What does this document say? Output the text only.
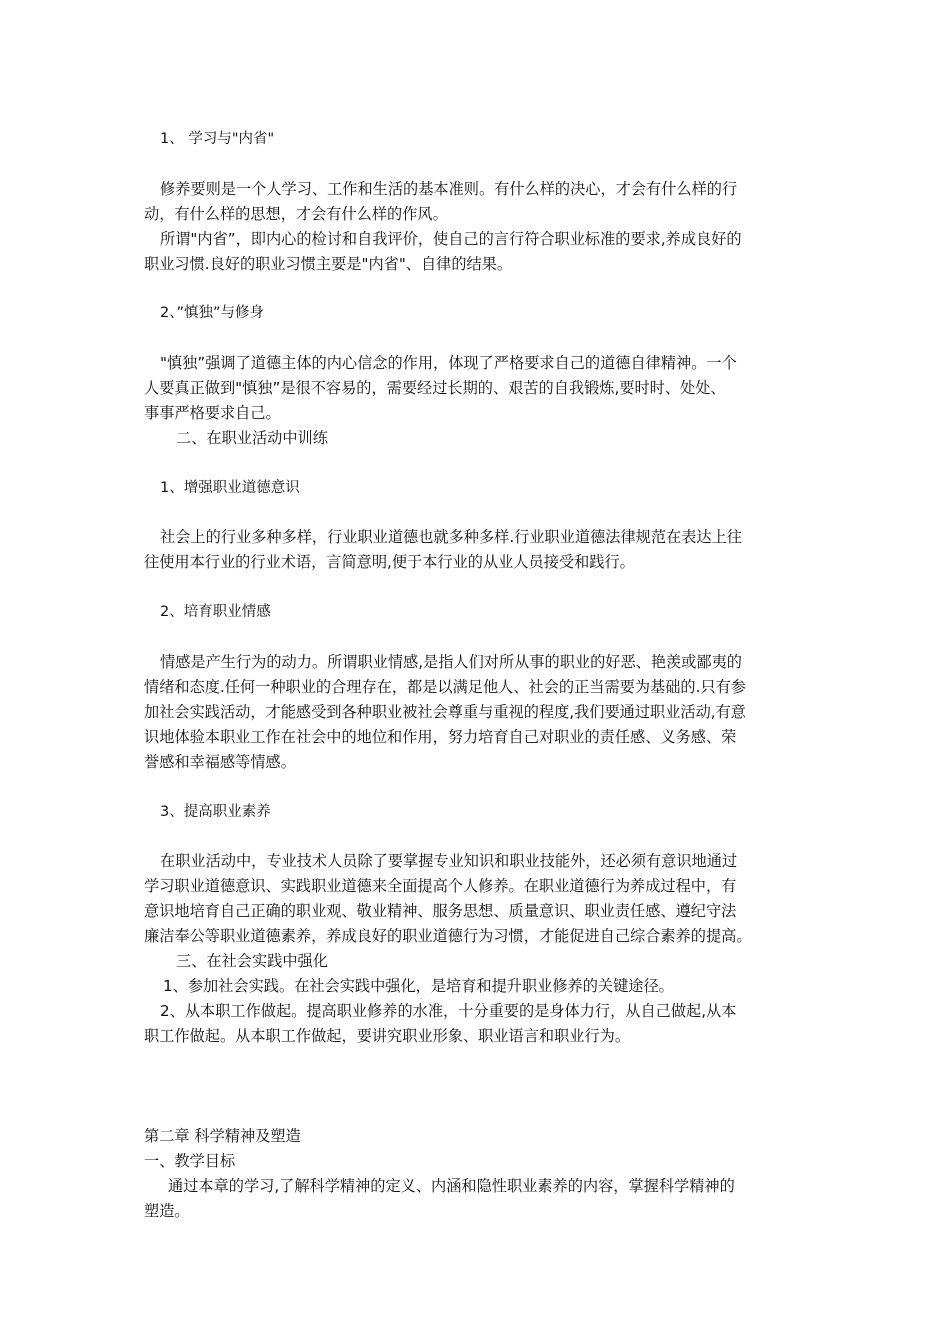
1、 学习与"内省"
修养要则是一个人学习、工作和生活的基本准则。有什么样的决心，才会有什么样的行
动，有什么样的思想，才会有什么样的作风。
所谓"内省”，即内心的检讨和自我评价，使自己的言行符合职业标准的要求,养成良好的
职业习惯.良好的职业习惯主要是"内省"、自律的结果。
2、”慎独”与修身
"慎独”强调了道德主体的内心信念的作用，体现了严格要求自己的道德自律精神。一个
人要真正做到"慎独”是很不容易的，需要经过长期的、艰苦的自我锻炼,要时时、处处、
事事严格要求自己。
二、在职业活动中训练
1、增强职业道德意识
社会上的行业多种多样，行业职业道德也就多种多样.行业职业道德法律规范在表达上往
往使用本行业的行业术语，言简意明,便于本行业的从业人员接受和践行。
2、培育职业情感
情感是产生行为的动力。所谓职业情感,是指人们对所从事的职业的好恶、艳羡或鄙夷的
情绪和态度.任何一种职业的合理存在，都是以满足他人、社会的正当需要为基础的.只有参
加社会实践活动，才能感受到各种职业被社会尊重与重视的程度,我们要通过职业活动,有意
识地体验本职业工作在社会中的地位和作用，努力培育自己对职业的责任感、义务感、荣
誉感和幸福感等情感。
3、提高职业素养
在职业活动中，专业技术人员除了要掌握专业知识和职业技能外，还必须有意识地通过
学习职业道德意识、实践职业道德来全面提高个人修养。在职业道德行为养成过程中，有
意识地培育自己正确的职业观、敬业精神、服务思想、质量意识、职业责任感、遵纪守法
廉洁奉公等职业道德素养，养成良好的职业道德行为习惯，才能促进自己综合素养的提高。
三、在社会实践中强化
1、参加社会实践。在社会实践中强化，是培育和提升职业修养的关键途径。
2、从本职工作做起。提高职业修养的水准，十分重要的是身体力行，从自己做起,从本
职工作做起。从本职工作做起，要讲究职业形象、职业语言和职业行为。
第二章 科学精神及塑造
一、教学目标
通过本章的学习,了解科学精神的定义、内涵和隐性职业素养的内容，掌握科学精神的
塑造。
